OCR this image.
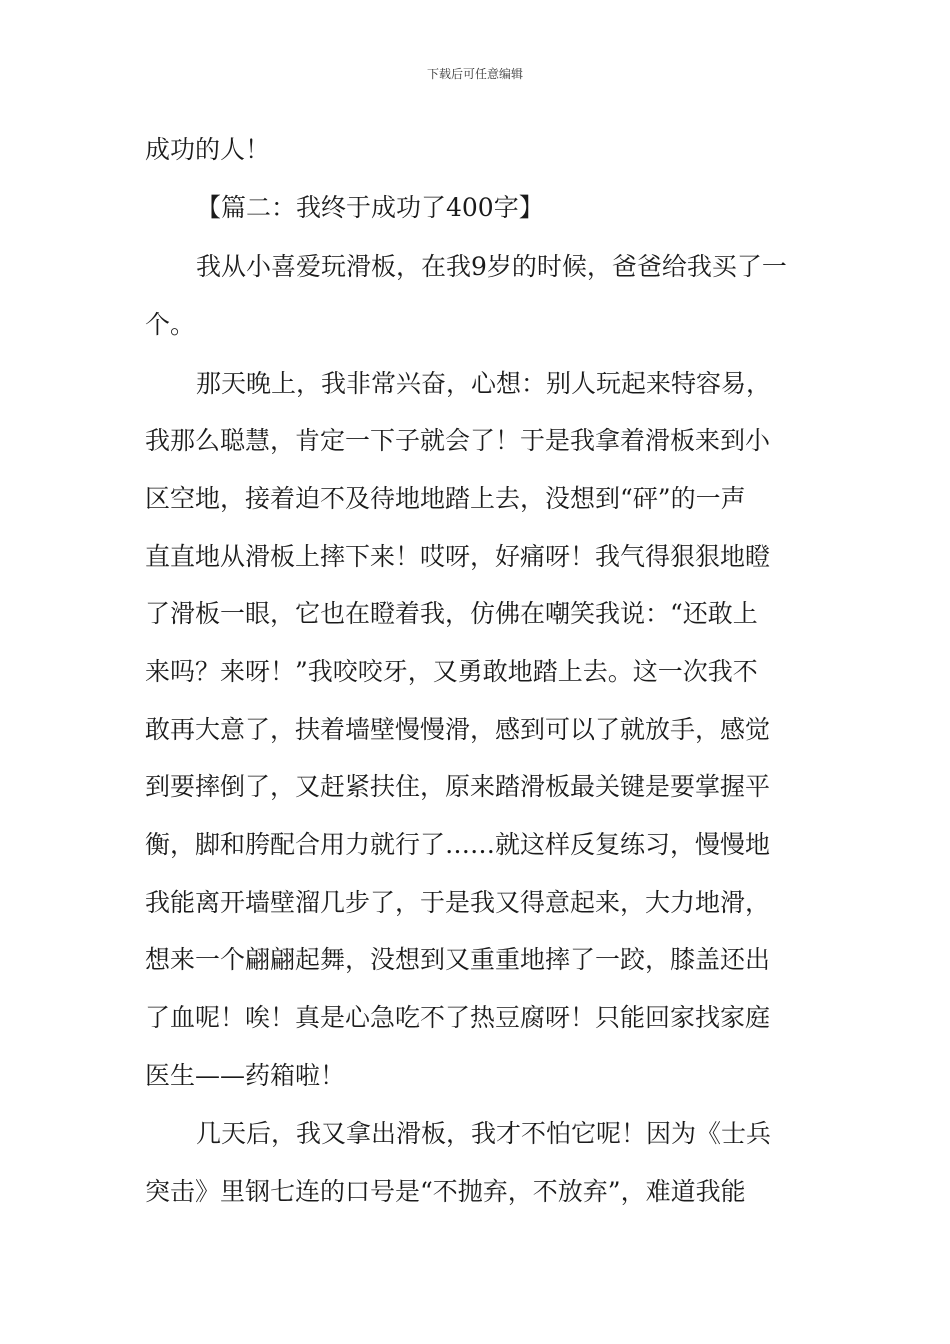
下载后可任意编辑
成功的人！
【篇二：我终于成功了400字】
我从小喜爱玩滑板，在我9岁的时候，爸爸给我买了一
个。
那天晚上，我非常兴奋，心想：别人玩起来特容易，
我那么聪慧，肯定一下子就会了！于是我拿着滑板来到小
区空地，接着迫不及待地地踏上去，没想到“砰”的一声
直直地从滑板上摔下来！哎呀，好痛呀！我气得狠狠地瞪
了滑板一眼，它也在瞪着我，仿佛在嘲笑我说：“还敢上
来吗？来呀！”我咬咬牙，又勇敢地踏上去。这一次我不
敢再大意了，扶着墙壁慢慢滑，感到可以了就放手，感觉
到要摔倒了，又赶紧扶住，原来踏滑板最关键是要掌握平
衡，脚和胯配合用力就行了……就这样反复练习，慢慢地
我能离开墙壁溜几步了，于是我又得意起来，大力地滑，
想来一个翩翩起舞，没想到又重重地摔了一跤，膝盖还出
了血呢！唉！真是心急吃不了热豆腐呀！只能回家找家庭
医生——药箱啦！
几天后，我又拿出滑板，我才不怕它呢！因为《士兵
突击》里钢七连的口号是“不抛弃，不放弃”，难道我能
